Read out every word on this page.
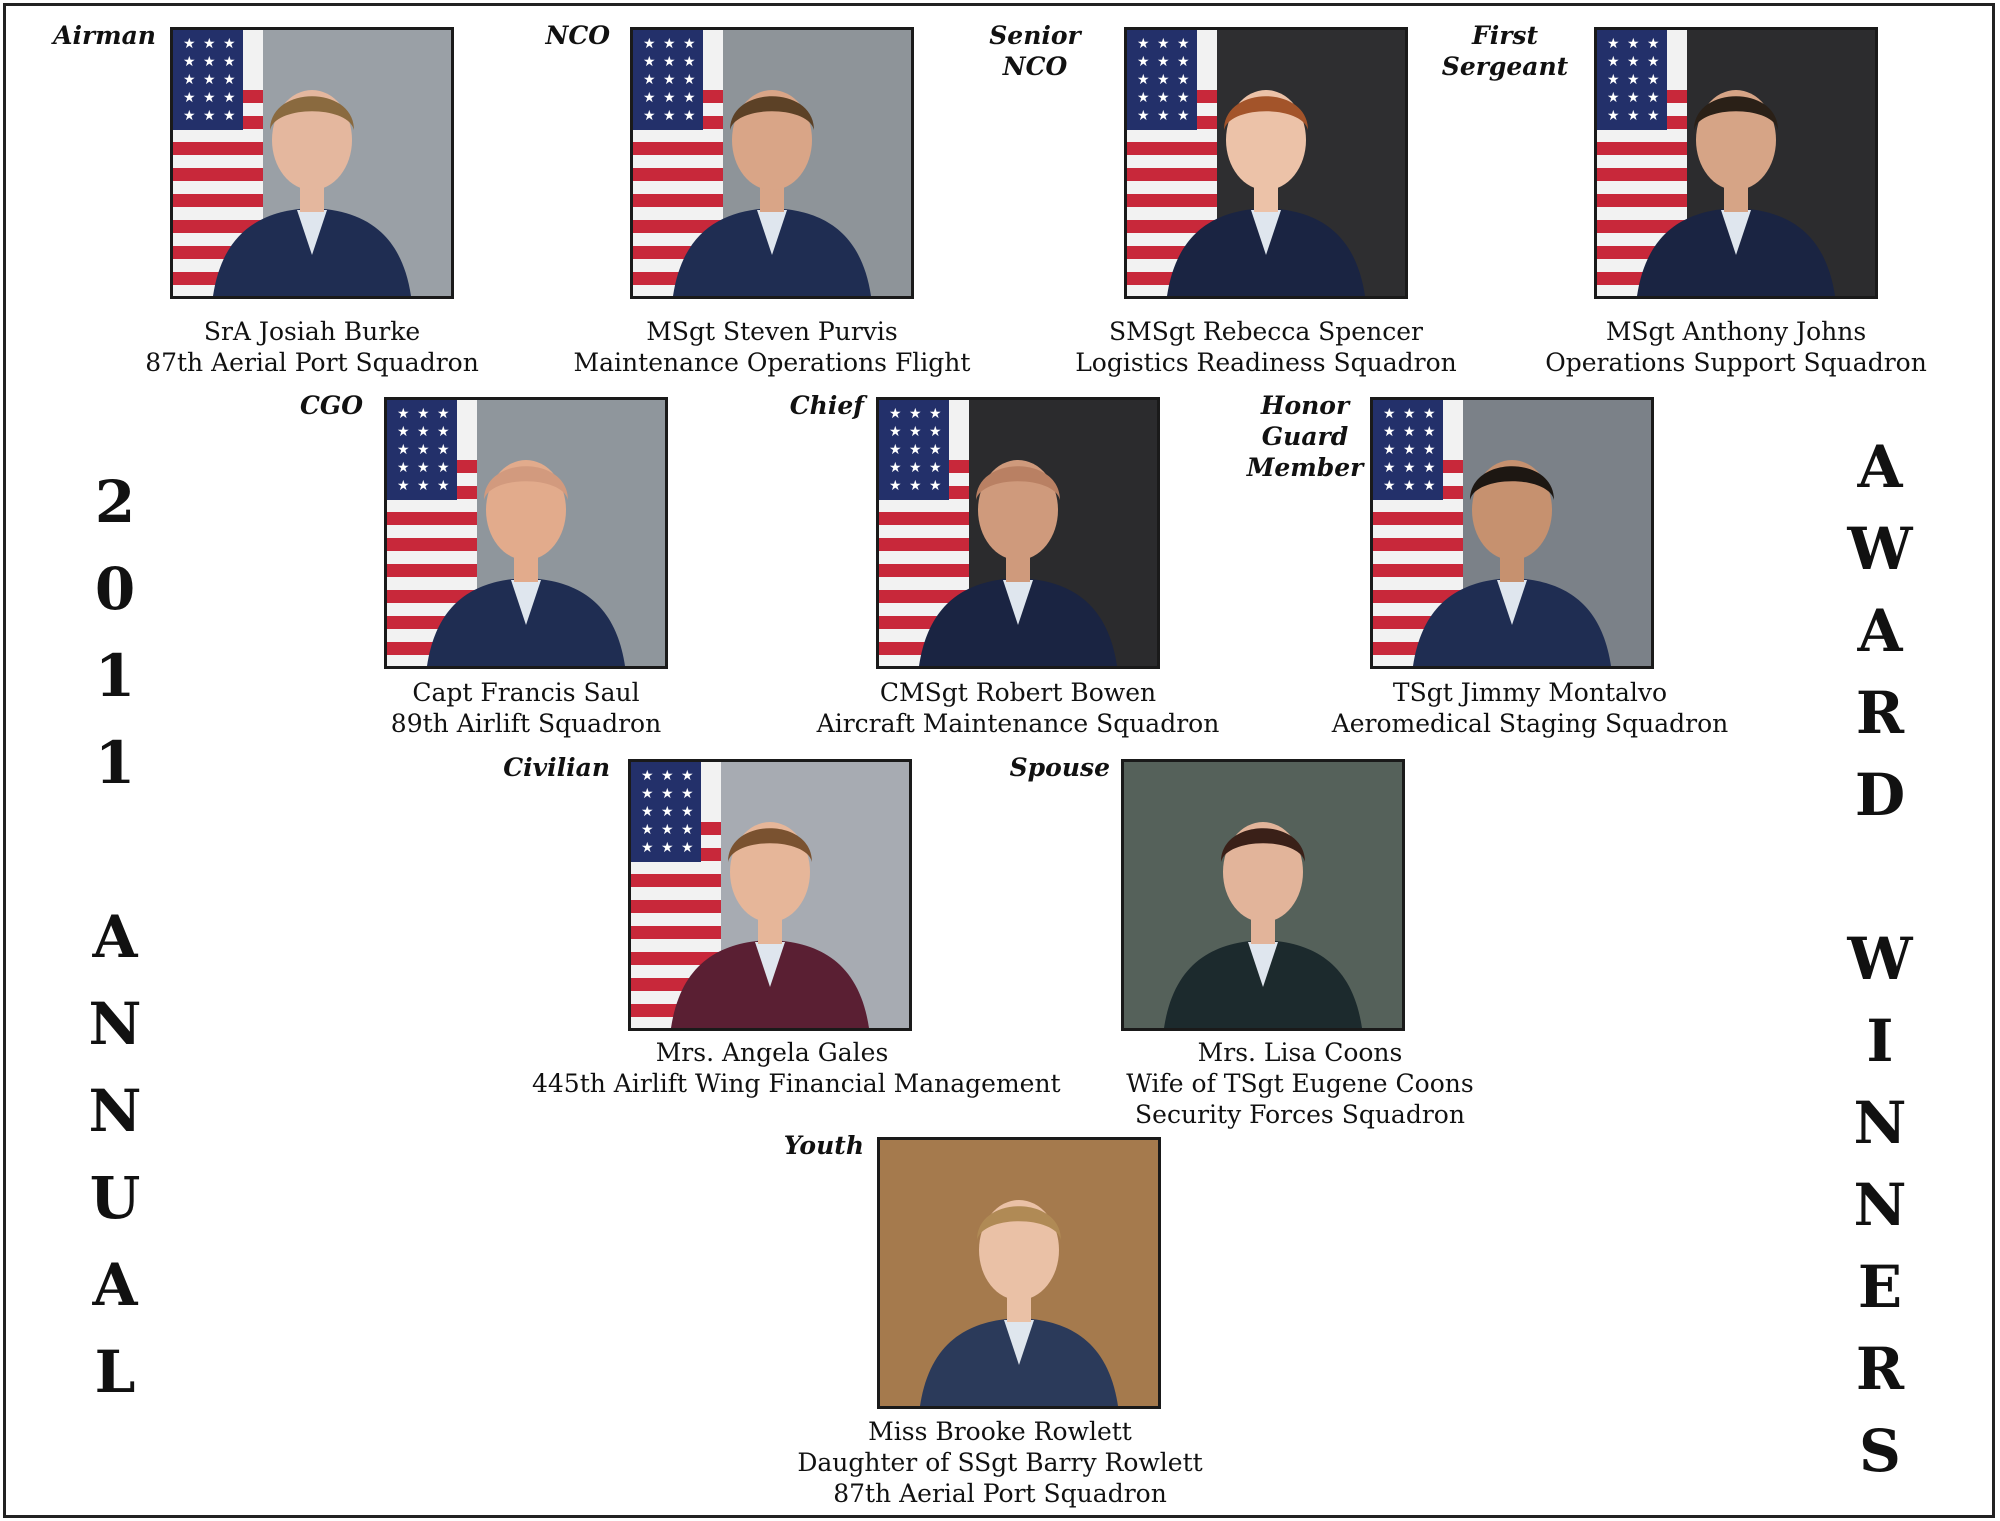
2
0
1
1
A
N
N
U
A
L
A
W
A
R
D
W
I
N
N
E
R
S
Airman ★ ★ ★
★ ★ ★
★ ★ ★
★ ★ ★
★ ★ ★
SrA Josiah Burke
87th Aerial Port Squadron
NCO ★ ★ ★
★ ★ ★
★ ★ ★
★ ★ ★
★ ★ ★
MSgt Steven Purvis
Maintenance Operations Flight
Senior
NCO
★ ★ ★
★ ★ ★
★ ★ ★
★ ★ ★
★ ★ ★
SMSgt Rebecca Spencer
Logistics Readiness Squadron
First
Sergeant
★ ★ ★
★ ★ ★
★ ★ ★
★ ★ ★
★ ★ ★
MSgt Anthony Johns
Operations Support Squadron
CGO ★ ★ ★
★ ★ ★
★ ★ ★
★ ★ ★
★ ★ ★
Capt Francis Saul
89th Airlift Squadron
Chief ★ ★ ★
★ ★ ★
★ ★ ★
★ ★ ★
★ ★ ★
CMSgt Robert Bowen
Aircraft Maintenance Squadron
Honor
Guard
Member
★ ★ ★
★ ★ ★
★ ★ ★
★ ★ ★
★ ★ ★
TSgt Jimmy Montalvo
Aeromedical Staging Squadron
Civilian ★ ★ ★
★ ★ ★
★ ★ ★
★ ★ ★
★ ★ ★
Mrs. Angela Gales
445th Airlift Wing Financial Management
Spouse
Mrs. Lisa Coons
Wife of TSgt Eugene Coons
Security Forces Squadron
Youth
Miss Brooke Rowlett
Daughter of SSgt Barry Rowlett
87th Aerial Port Squadron
